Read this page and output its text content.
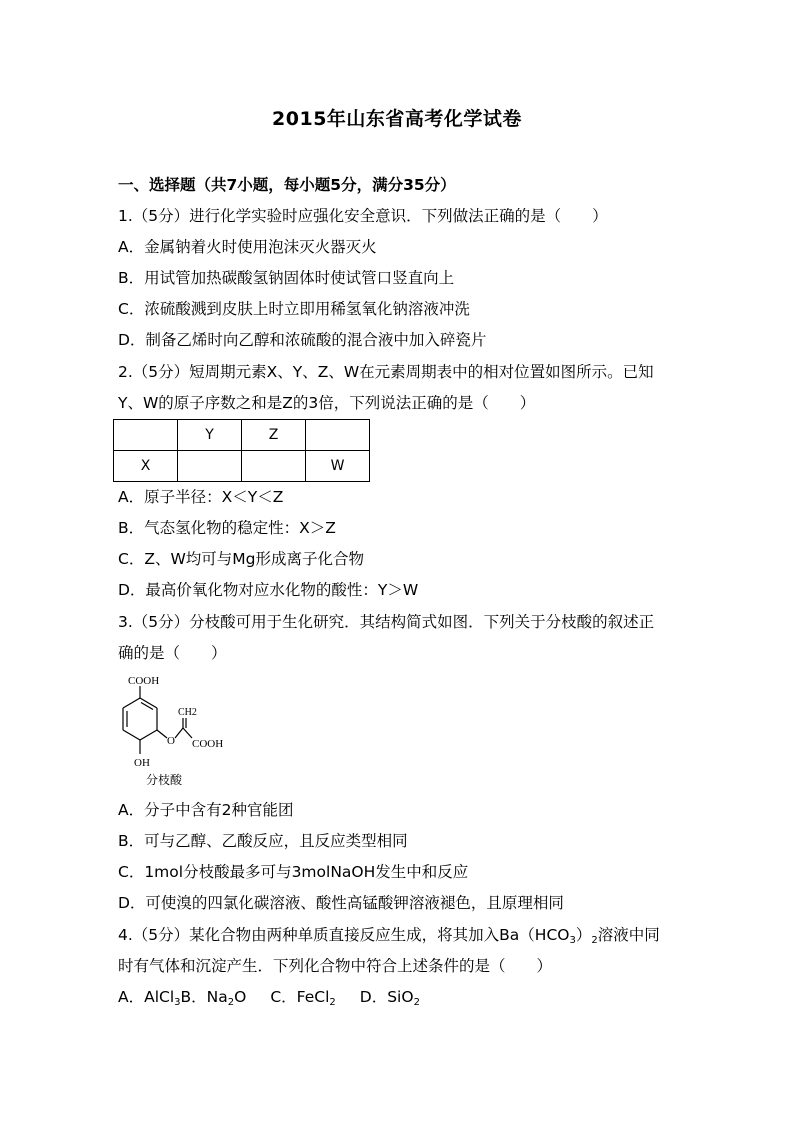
2015年山东省高考化学试卷
一、选择题（共7小题，每小题5分，满分35分）
1.（5分）进行化学实验时应强化安全意识．下列做法正确的是（　　）
A．金属钠着火时使用泡沫灭火器灭火
B．用试管加热碳酸氢钠固体时使试管口竖直向上
C．浓硫酸溅到皮肤上时立即用稀氢氧化钠溶液冲洗
D．制备乙烯时向乙醇和浓硫酸的混合液中加入碎瓷片
2.（5分）短周期元素X、Y、Z、W在元素周期表中的相对位置如图所示。已知
Y、W的原子序数之和是Z的3倍，下列说法正确的是（　　）
	Y	Z	
X			W
A．原子半径：X＜Y＜Z
B．气态氢化物的稳定性：X＞Z
C．Z、W均可与Mg形成离子化合物
D．最高价氧化物对应水化物的酸性：Y＞W
3.（5分）分枝酸可用于生化研究．其结构简式如图．下列关于分枝酸的叙述正
确的是（　　）
COOH
CH2
COOH
O
OH
分枝酸
A．分子中含有2种官能团
B．可与乙醇、乙酸反应，且反应类型相同
C．1mol分枝酸最多可与3molNaOH发生中和反应
D．可使溴的四氯化碳溶液、酸性高锰酸钾溶液褪色，且原理相同
4.（5分）某化合物由两种单质直接反应生成，将其加入$Ba(HCO_3)_2$溶液中同
时有气体和沉淀产生．下列化合物中符合上述条件的是（　　）
A．AlCl$_3$B．$Na_2O$ C．FeCl$_2$ D．SiO$_2$
